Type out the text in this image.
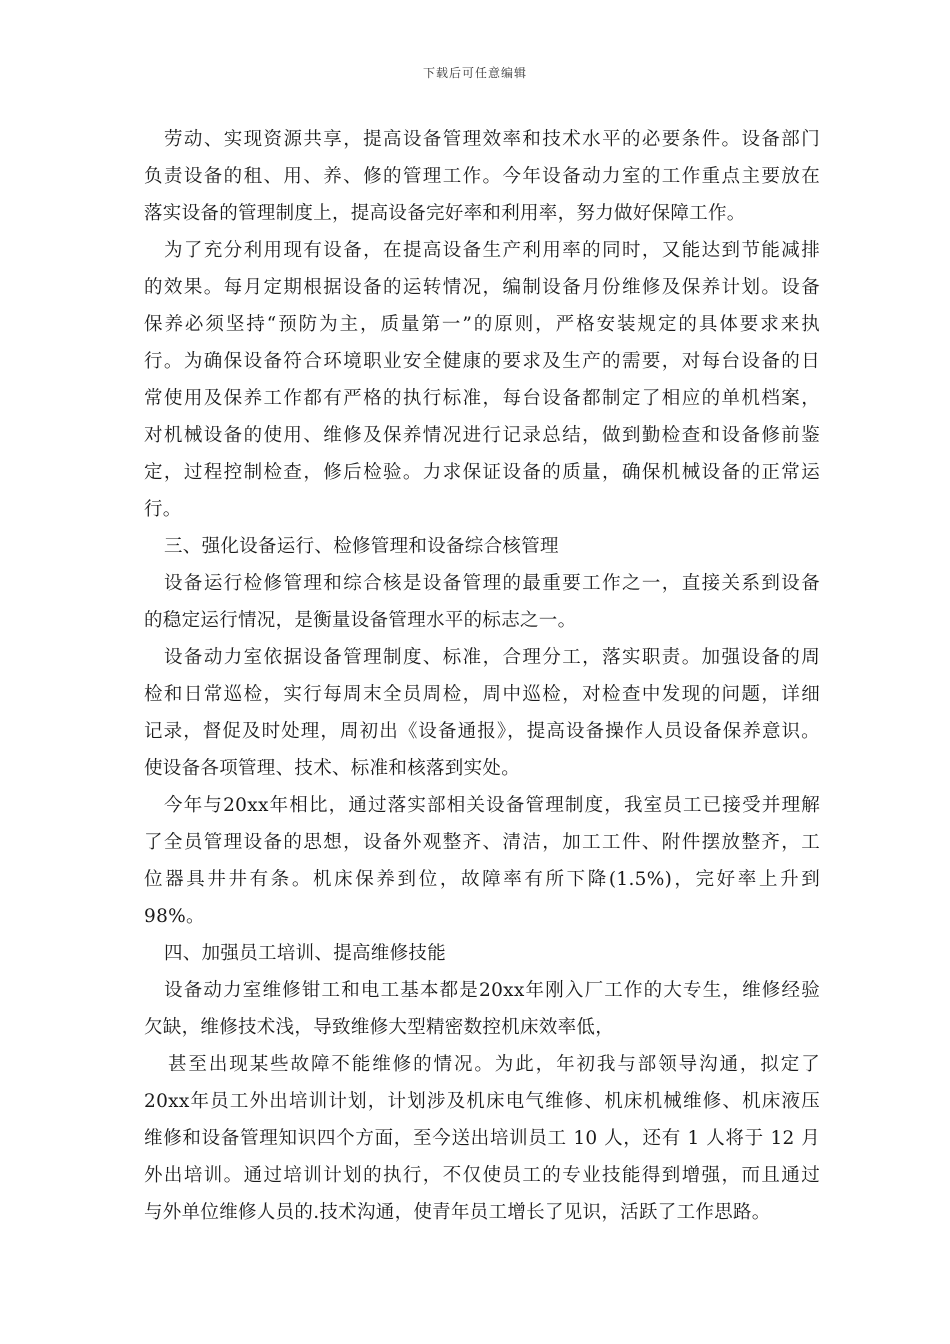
下载后可任意编辑
劳动、实现资源共享，提高设备管理效率和技术水平的必要条件。设备部门
负责设备的租、用、养、修的管理工作。今年设备动力室的工作重点主要放在
落实设备的管理制度上，提高设备完好率和利用率，努力做好保障工作。
为了充分利用现有设备，在提高设备生产利用率的同时，又能达到节能减排
的效果。每月定期根据设备的运转情况，编制设备月份维修及保养计划。设备
保养必须坚持“预防为主，质量第一”的原则，严格安装规定的具体要求来执
行。为确保设备符合环境职业安全健康的要求及生产的需要，对每台设备的日
常使用及保养工作都有严格的执行标准，每台设备都制定了相应的单机档案，
对机械设备的使用、维修及保养情况进行记录总结，做到勤检查和设备修前鉴
定，过程控制检查，修后检验。力求保证设备的质量，确保机械设备的正常运
行。
三、强化设备运行、检修管理和设备综合核管理
设备运行检修管理和综合核是设备管理的最重要工作之一，直接关系到设备
的稳定运行情况，是衡量设备管理水平的标志之一。
设备动力室依据设备管理制度、标准，合理分工，落实职责。加强设备的周
检和日常巡检，实行每周末全员周检，周中巡检，对检查中发现的问题，详细
记录，督促及时处理，周初出《设备通报》，提高设备操作人员设备保养意识。
使设备各项管理、技术、标准和核落到实处。
今年与20xx年相比，通过落实部相关设备管理制度，我室员工已接受并理解
了全员管理设备的思想，设备外观整齐、清洁，加工工件、附件摆放整齐，工
位器具井井有条。机床保养到位，故障率有所下降(1.5%)，完好率上升到
98%。
四、加强员工培训、提高维修技能
设备动力室维修钳工和电工基本都是20xx年刚入厂工作的大专生，维修经验
欠缺，维修技术浅，导致维修大型精密数控机床效率低，
甚至出现某些故障不能维修的情况。为此，年初我与部领导沟通，拟定了
20xx年员工外出培训计划，计划涉及机床电气维修、机床机械维修、机床液压
维修和设备管理知识四个方面，至今送出培训员工 10 人，还有 1 人将于 12 月
外出培训。通过培训计划的执行，不仅使员工的专业技能得到增强，而且通过
与外单位维修人员的.技术沟通，使青年员工增长了见识，活跃了工作思路。
